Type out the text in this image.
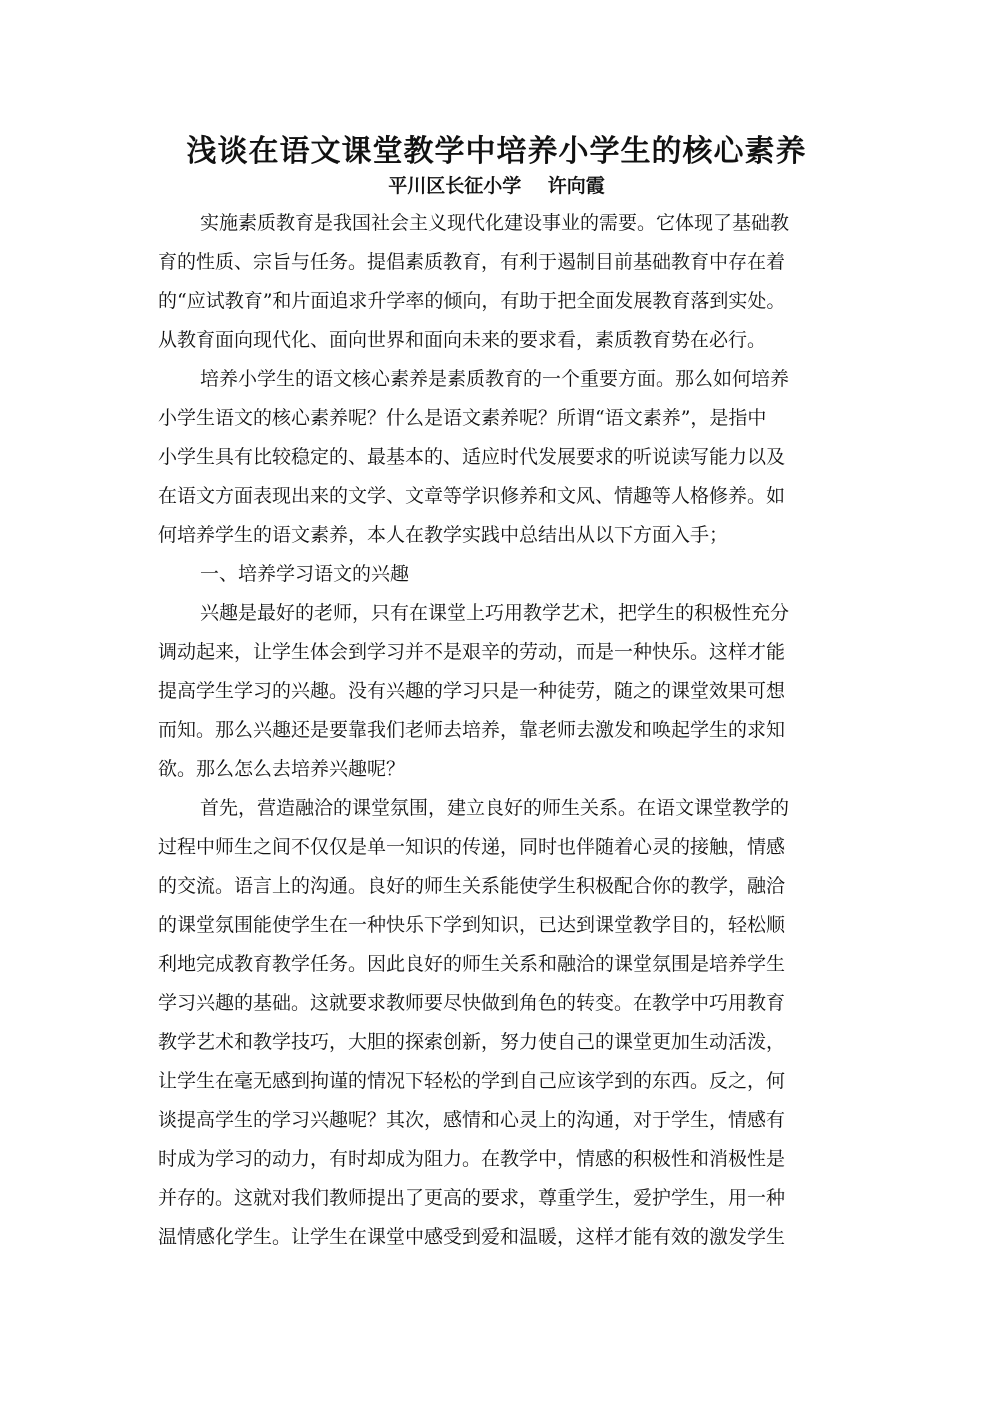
浅谈在语文课堂教学中培养小学生的核心素养
平川区长征小学    许向霞
实施素质教育是我国社会主义现代化建设事业的需要。它体现了基础教
育的性质、宗旨与任务。提倡素质教育，有利于遏制目前基础教育中存在着
的“应试教育”和片面追求升学率的倾向，有助于把全面发展教育落到实处。
从教育面向现代化、面向世界和面向未来的要求看，素质教育势在必行。
培养小学生的语文核心素养是素质教育的一个重要方面。那么如何培养
小学生语文的核心素养呢？什么是语文素养呢？所谓“语文素养”，是指中
小学生具有比较稳定的、最基本的、适应时代发展要求的听说读写能力以及
在语文方面表现出来的文学、文章等学识修养和文风、情趣等人格修养。如
何培养学生的语文素养，本人在教学实践中总结出从以下方面入手；
一、培养学习语文的兴趣
兴趣是最好的老师，只有在课堂上巧用教学艺术，把学生的积极性充分
调动起来，让学生体会到学习并不是艰辛的劳动，而是一种快乐。这样才能
提高学生学习的兴趣。没有兴趣的学习只是一种徒劳，随之的课堂效果可想
而知。那么兴趣还是要靠我们老师去培养，靠老师去激发和唤起学生的求知
欲。那么怎么去培养兴趣呢？
首先，营造融洽的课堂氛围，建立良好的师生关系。在语文课堂教学的
过程中师生之间不仅仅是单一知识的传递，同时也伴随着心灵的接触，情感
的交流。语言上的沟通。良好的师生关系能使学生积极配合你的教学，融洽
的课堂氛围能使学生在一种快乐下学到知识，已达到课堂教学目的，轻松顺
利地完成教育教学任务。因此良好的师生关系和融洽的课堂氛围是培养学生
学习兴趣的基础。这就要求教师要尽快做到角色的转变。在教学中巧用教育
教学艺术和教学技巧，大胆的探索创新，努力使自己的课堂更加生动活泼，
让学生在毫无感到拘谨的情况下轻松的学到自己应该学到的东西。反之，何
谈提高学生的学习兴趣呢？其次，感情和心灵上的沟通，对于学生，情感有
时成为学习的动力，有时却成为阻力。在教学中，情感的积极性和消极性是
并存的。这就对我们教师提出了更高的要求，尊重学生，爱护学生，用一种
温情感化学生。让学生在课堂中感受到爱和温暖，这样才能有效的激发学生
